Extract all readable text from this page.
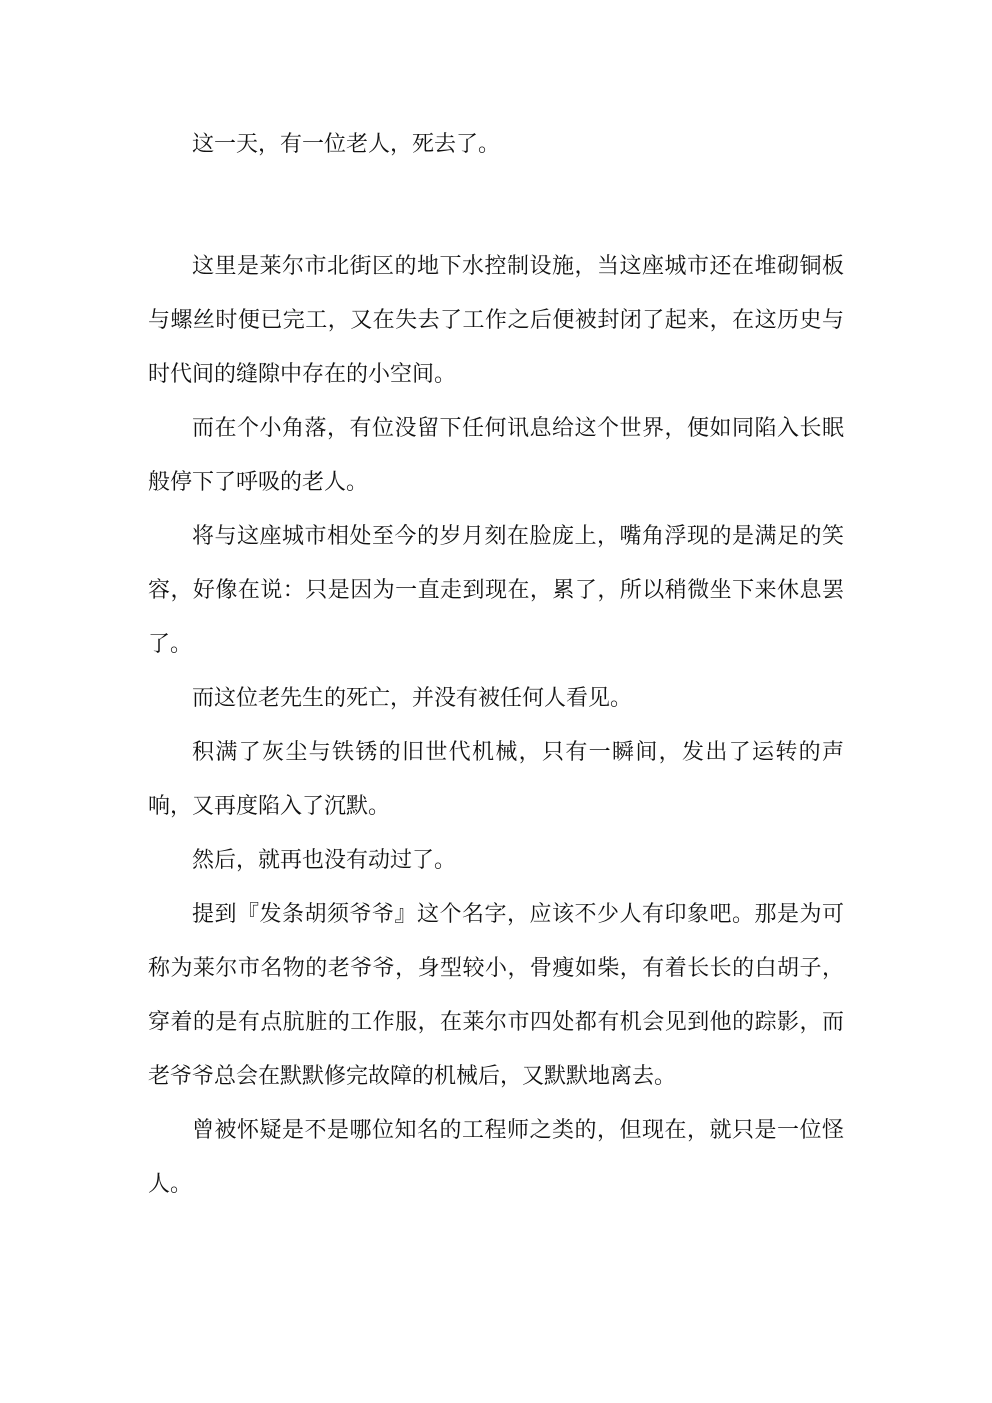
这一天，有一位老人，死去了。

这里是莱尔市北街区的地下水控制设施，当这座城市还在堆砌铜板与螺丝时便已完工，又在失去了工作之后便被封闭了起来，在这历史与时代间的缝隙中存在的小空间。

而在个小角落，有位没留下任何讯息给这个世界，便如同陷入长眠般停下了呼吸的老人。

将与这座城市相处至今的岁月刻在脸庞上，嘴角浮现的是满足的笑容，好像在说：只是因为一直走到现在，累了，所以稍微坐下来休息罢了。

而这位老先生的死亡，并没有被任何人看见。

积满了灰尘与铁锈的旧世代机械，只有一瞬间，发出了运转的声响，又再度陷入了沉默。

然后，就再也没有动过了。

提到『发条胡须爷爷』这个名字，应该不少人有印象吧。那是为可称为莱尔市名物的老爷爷，身型较小，骨瘦如柴，有着长长的白胡子，穿着的是有点肮脏的工作服，在莱尔市四处都有机会见到他的踪影，而老爷爷总会在默默修完故障的机械后，又默默地离去。

曾被怀疑是不是哪位知名的工程师之类的，但现在，就只是一位怪人。
